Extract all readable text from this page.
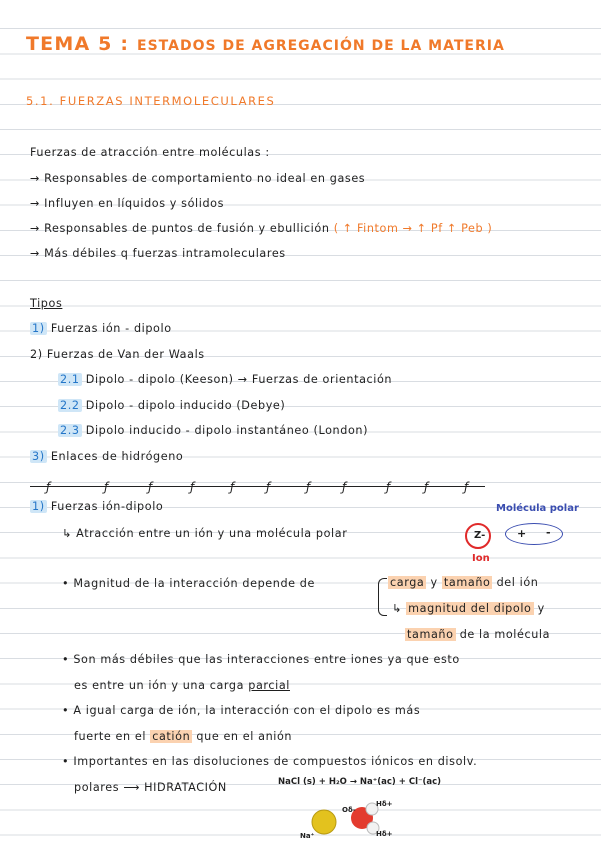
TEMA 5 : ESTADOS DE AGREGACIÓN DE LA MATERIA
5.1. FUERZAS INTERMOLECULARES
Fuerzas de atracción entre moléculas :
→ Responsables de comportamiento no ideal en gases
→ Influyen en líquidos y sólidos
→ Responsables de puntos de fusión y ebullición ( ↑ Fintom → ↑ Pf ↑ Peb )
→ Más débiles q fuerzas intramoleculares
Tipos
1) Fuerzas ión - dipolo
2) Fuerzas de Van der Waals
2.1 Dipolo - dipolo (Keeson) → Fuerzas de orientación
2.2 Dipolo - dipolo inducido (Debye)
2.3 Dipolo inducido - dipolo instantáneo (London)
3) Enlaces de hidrógeno
ƒ	ƒ	ƒ	ƒ	ƒ	ƒ	ƒ	ƒ	ƒ	ƒ	ƒ
1) Fuerzas ión-dipolo
↳ Atracción entre un ión y una molécula polar
Molécula polar
Z-
Ion
+ -
• Magnitud de la interacción depende de	carga y tamaño del ión
↳ magnitud del dipolo y
tamaño de la molécula
• Son más débiles que las interacciones entre iones ya que esto
es entre un ión y una carga parcial
• A igual carga de ión, la interacción con el dipolo es más
fuerte en el catión que en el anión
• Importantes en las disoluciones de compuestos iónicos en disolv.
polares ⟶ HIDRATACIÓN	NaCl (s) + H₂O → Na⁺(ac) + Cl⁻(ac)
Na⁺
Oδ-
Hδ+
Hδ+
